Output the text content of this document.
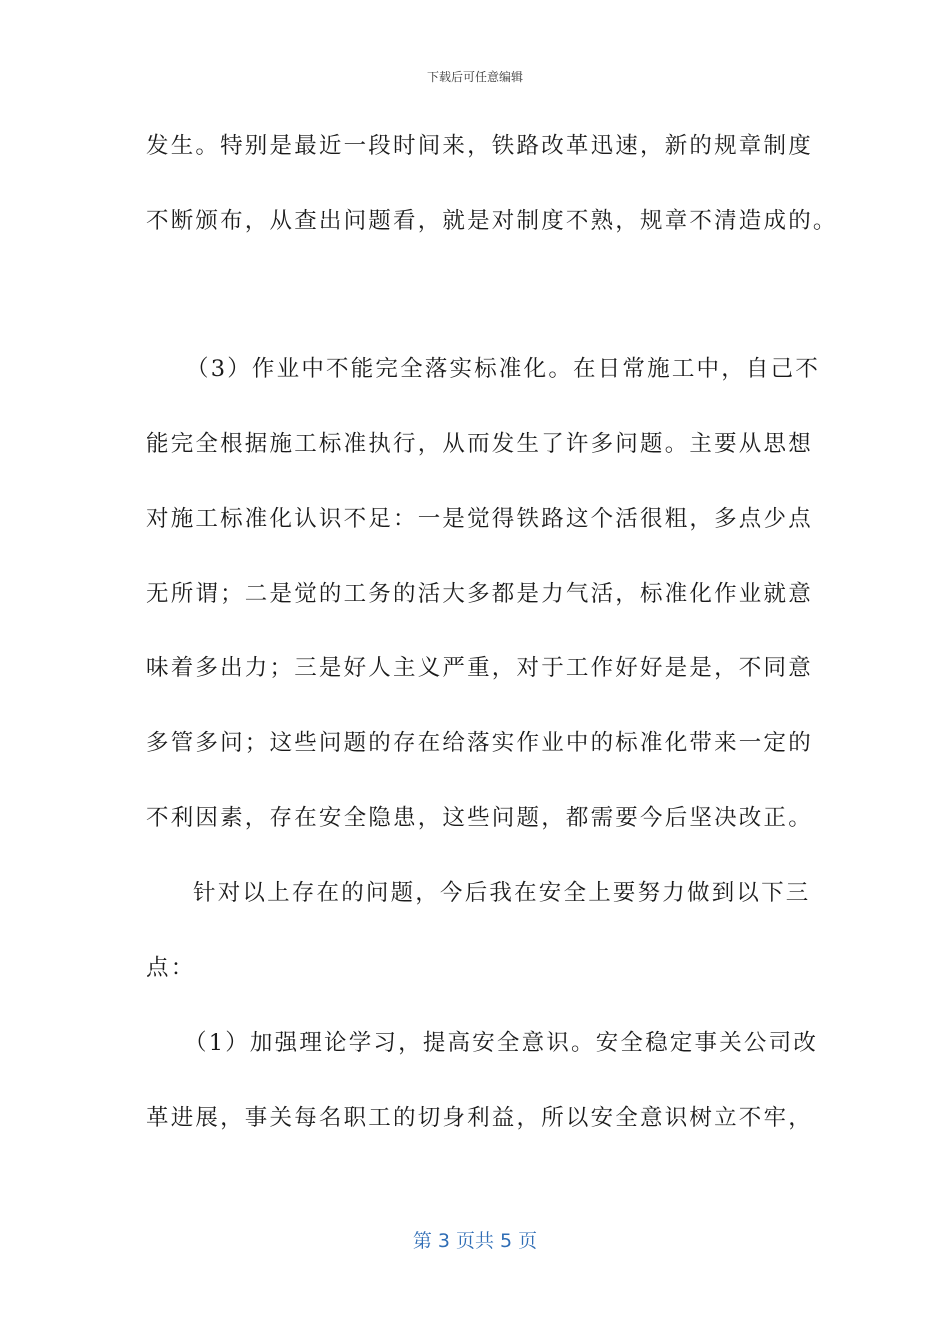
下载后可任意编辑
发生。特别是最近一段时间来，铁路改革迅速，新的规章制度
不断颁布，从查出问题看，就是对制度不熟，规章不清造成的。
（3）作业中不能完全落实标准化。在日常施工中，自己不
能完全根据施工标准执行，从而发生了许多问题。主要从思想
对施工标准化认识不足：一是觉得铁路这个活很粗，多点少点
无所谓；二是觉的工务的活大多都是力气活，标准化作业就意
味着多出力；三是好人主义严重，对于工作好好是是，不同意
多管多问；这些问题的存在给落实作业中的标准化带来一定的
不利因素，存在安全隐患，这些问题，都需要今后坚决改正。
针对以上存在的问题，今后我在安全上要努力做到以下三
点：
（1）加强理论学习，提高安全意识。安全稳定事关公司改
革进展，事关每名职工的切身利益，所以安全意识树立不牢，
第 3 页共 5 页
